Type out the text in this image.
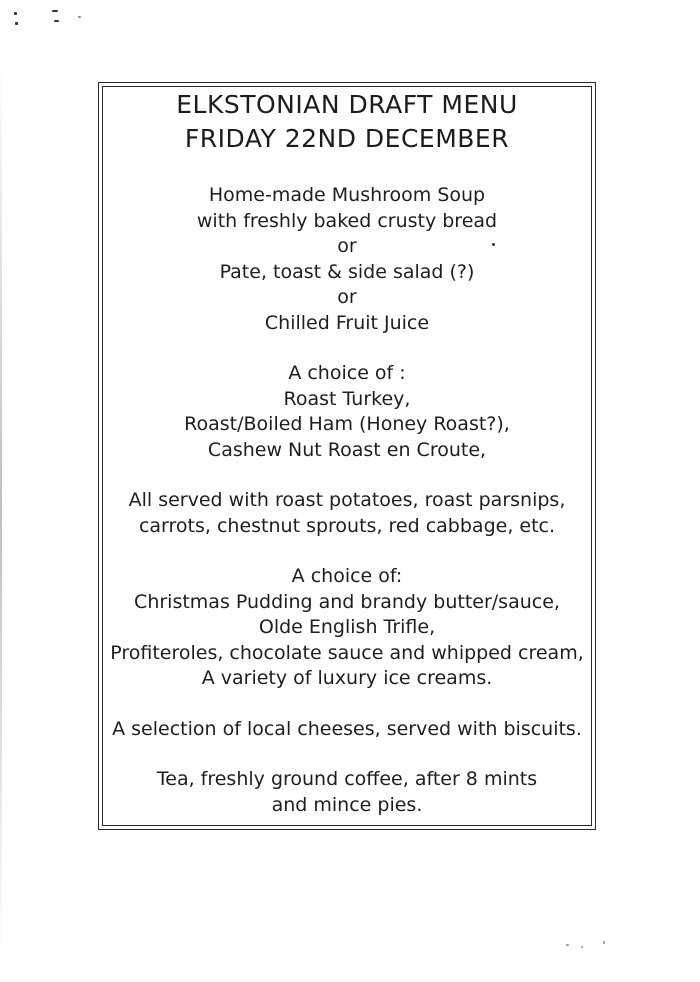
ELKSTONIAN DRAFT MENU
FRIDAY 22ND DECEMBER
Home-made Mushroom Soup
with freshly baked crusty bread
or
Pate, toast & side salad (?)
or
Chilled Fruit Juice
A choice of :
Roast Turkey,
Roast/Boiled Ham (Honey Roast?),
Cashew Nut Roast en Croute,
All served with roast potatoes, roast parsnips,
carrots, chestnut sprouts, red cabbage, etc.
A choice of:
Christmas Pudding and brandy butter/sauce,
Olde English Trifle,
Profiteroles, chocolate sauce and whipped cream,
A variety of luxury ice creams.
A selection of local cheeses, served with biscuits.
Tea, freshly ground coffee, after 8 mints
and mince pies.
